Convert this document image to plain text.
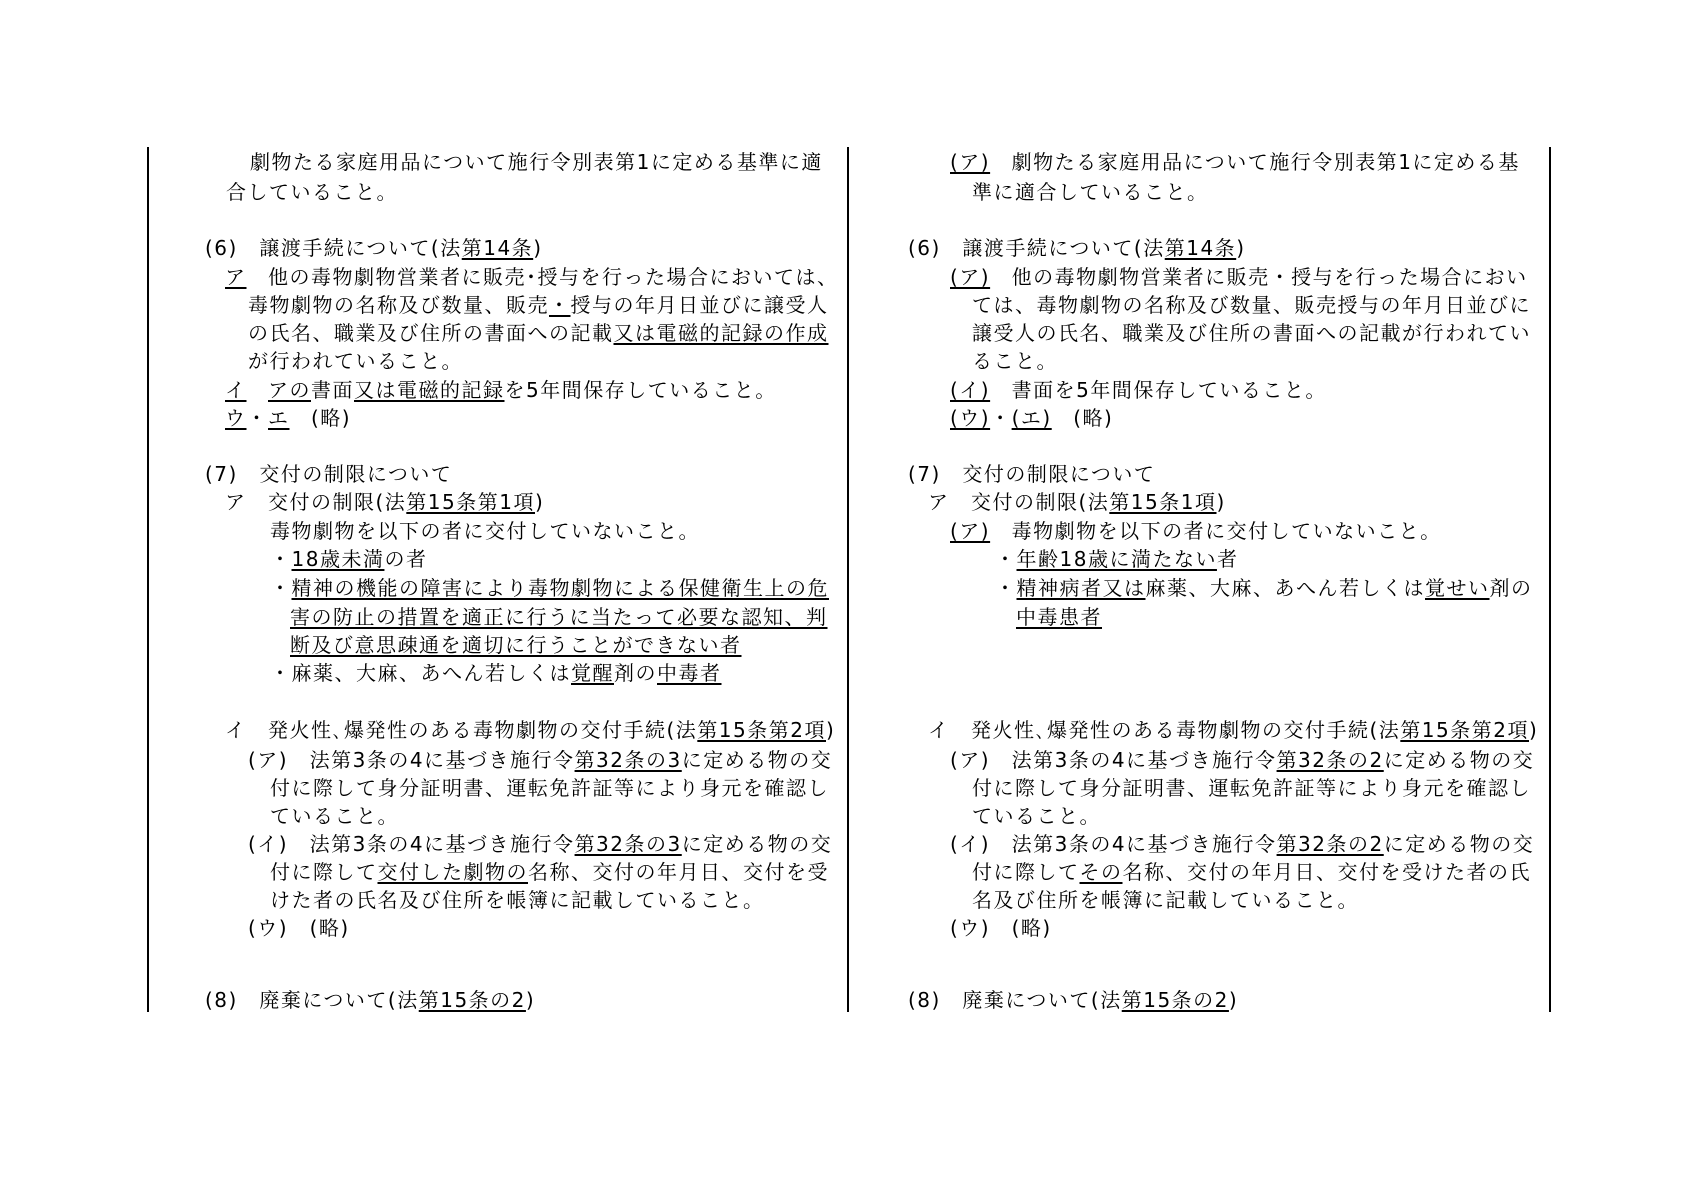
劇物たる家庭用品について施行令別表第1に定める基準に適
合していること。
(6)　譲渡手続について(法第14条)
ア　他の毒物劇物営業者に販売･授与を行った場合においては、
毒物劇物の名称及び数量、販売・授与の年月日並びに譲受人
の氏名、職業及び住所の書面への記載又は電磁的記録の作成
が行われていること。
イ　 アの書面又は電磁的記録を5年間保存していること。
ウ・エ　(略)
(7)　交付の制限について
ア　交付の制限(法第15条第1項)
毒物劇物を以下の者に交付していないこと。
・18歳未満の者
・精神の機能の障害により毒物劇物による保健衛生上の危
害の防止の措置を適正に行うに当たって必要な認知、判
断及び意思疎通を適切に行うことができない者
・麻薬、大麻、あへん若しくは覚醒剤の中毒者
イ　発火性､爆発性のある毒物劇物の交付手続(法第15条第2項)
(ア)　法第3条の4に基づき施行令第32条の3に定める物の交
付に際して身分証明書、運転免許証等により身元を確認し
ていること。
(イ)　法第3条の4に基づき施行令第32条の3に定める物の交
付に際して交付した劇物の名称、交付の年月日、交付を受
けた者の氏名及び住所を帳簿に記載していること。
(ウ)　(略)
(8)　廃棄について(法第15条の2)
(ア)　劇物たる家庭用品について施行令別表第1に定める基
準に適合していること。
(6)　譲渡手続について(法第14条)
(ア)　他の毒物劇物営業者に販売・授与を行った場合におい
ては、毒物劇物の名称及び数量、販売授与の年月日並びに
譲受人の氏名、職業及び住所の書面への記載が行われてい
ること。
(イ)　書面を5年間保存していること。
(ウ)・(エ)　(略)
(7)　交付の制限について
ア　交付の制限(法第15条1項)
(ア)　毒物劇物を以下の者に交付していないこと。
・年齢18歳に満たない者
・精神病者又は麻薬、大麻、あへん若しくは覚せい剤の
中毒患者
イ　発火性､爆発性のある毒物劇物の交付手続(法第15条第2項)
(ア)　法第3条の4に基づき施行令第32条の2に定める物の交
付に際して身分証明書、運転免許証等により身元を確認し
ていること。
(イ)　法第3条の4に基づき施行令第32条の2に定める物の交
付に際してその名称、交付の年月日、交付を受けた者の氏
名及び住所を帳簿に記載していること。
(ウ)　(略)
(8)　廃棄について(法第15条の2)
